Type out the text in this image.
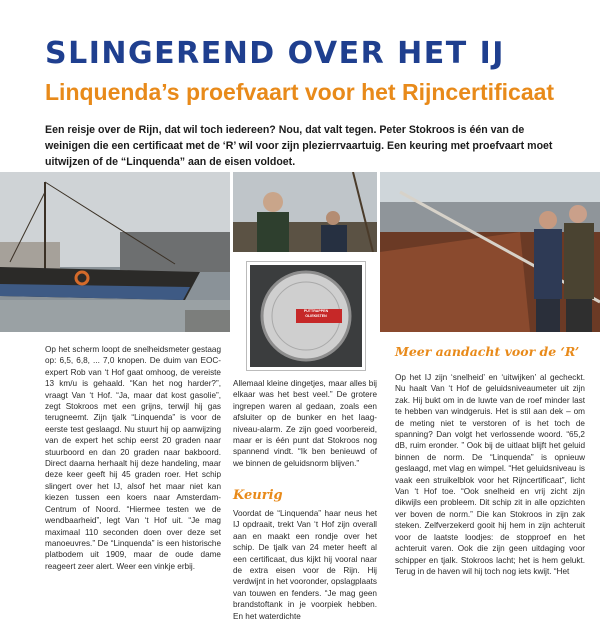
SLINGEREND OVER HET IJ
Linquenda’s proefvaart voor het Rijncertificaat

Een reisje over de Rijn, dat wil toch iedereen? Nou, dat valt tegen. Peter Stokroos is één van de weinigen die een certificaat met de ‘R’ wil voor zijn plezierrvaartuig. Een keuring met proefvaart moet uitwijzen of de “Linquenda” aan de eisen voldoet.

Op het scherm loopt de snelheidsmeter gestaag op: 6,5, 6,8, ... 7,0 knopen. De duim van EOC-expert Rob van ‘t Hof gaat omhoog, de vereiste 13 km/u is gehaald. “Kan het nog harder?”, vraagt Van ‘t Hof. “Ja, maar dat kost gasolie”, zegt Stokroos met een grijns, terwijl hij gas terugneemt. Zijn tjalk “Linquenda” is voor de eerste test geslaagd. Nu stuurt hij op aanwijzing van de expert het schip eerst 20 graden naar stuurboord en dan 20 graden naar bakboord. Direct daarna herhaalt hij deze handeling, maar deze keer geeft hij 45 graden roer. Het schip slingert over het IJ, alsof het maar niet kan kiezen tussen een koers naar Amsterdam-Centrum of Noord. “Hiermee testen we de wendbaarheid”, legt Van ‘t Hof uit. “Je mag maximaal 110 seconden doen over deze set manoeuvres.” De “Linquenda” is een historische platbodem uit 1909, maar de oude dame reageert zeer alert. Weer een vinkje erbij.

Allemaal kleine dingetjes, maar alles bij elkaar was het best veel.” De grotere ingrepen waren al gedaan, zoals een afsluiter op de bunker en het laag-niveau-alarm. Ze zijn goed voorbereid, maar er is één punt dat Stokroos nog spannend vindt. “Ik ben benieuwd of we binnen de geluidsnorm blijven.”

Keurig

Voordat de “Linquenda” haar neus het IJ opdraait, trekt Van ‘t Hof zijn overall aan en maakt een rondje over het schip. De tjalk van 24 meter heeft al een certificaat, dus kijkt hij vooral naar de extra eisen voor de Rijn. Hij verdwijnt in het vooronder, opslagplaats van touwen en fenders. “Je mag geen brandstoftank in je voorpiek hebben. En het waterdichte

Meer aandacht voor de ‘R’

Op het IJ zijn ‘snelheid’ en ‘uitwijken’ al gecheckt. Nu haalt Van ‘t Hof de geluidsniveaumeter uit zijn zak. Hij bukt om in de luwte van de roef minder last te hebben van windgeruis. Het is stil aan dek – om de meting niet te verstoren of is het toch de spanning? Dan volgt het verlossende woord. “65,2 dB, ruim eronder. ” Ook bij de uitlaat blijft het geluid binnen de norm. De “Linquenda” is opnieuw geslaagd, met vlag en wimpel. “Het geluidsniveau is vaak een struikelblok voor het Rijncertificaat”, licht Van ‘t Hof toe. “Ook snelheid en vrij zicht zijn dikwijls een probleem. Dit schip zit in alle opzichten ver boven de norm.” Die kan Stokroos in zijn zak steken. Zelfverzekerd gooit hij hem in zijn achteruit voor de laatste loodjes: de stopproef en het achteruit varen. Ook die zijn geen uitdaging voor schipper en tjalk. Stokroos lacht; het is hem gelukt. Terug in de haven wil hij toch nog iets kwijt. “Het

PUTTRAPPEN OLIEKISTEN
